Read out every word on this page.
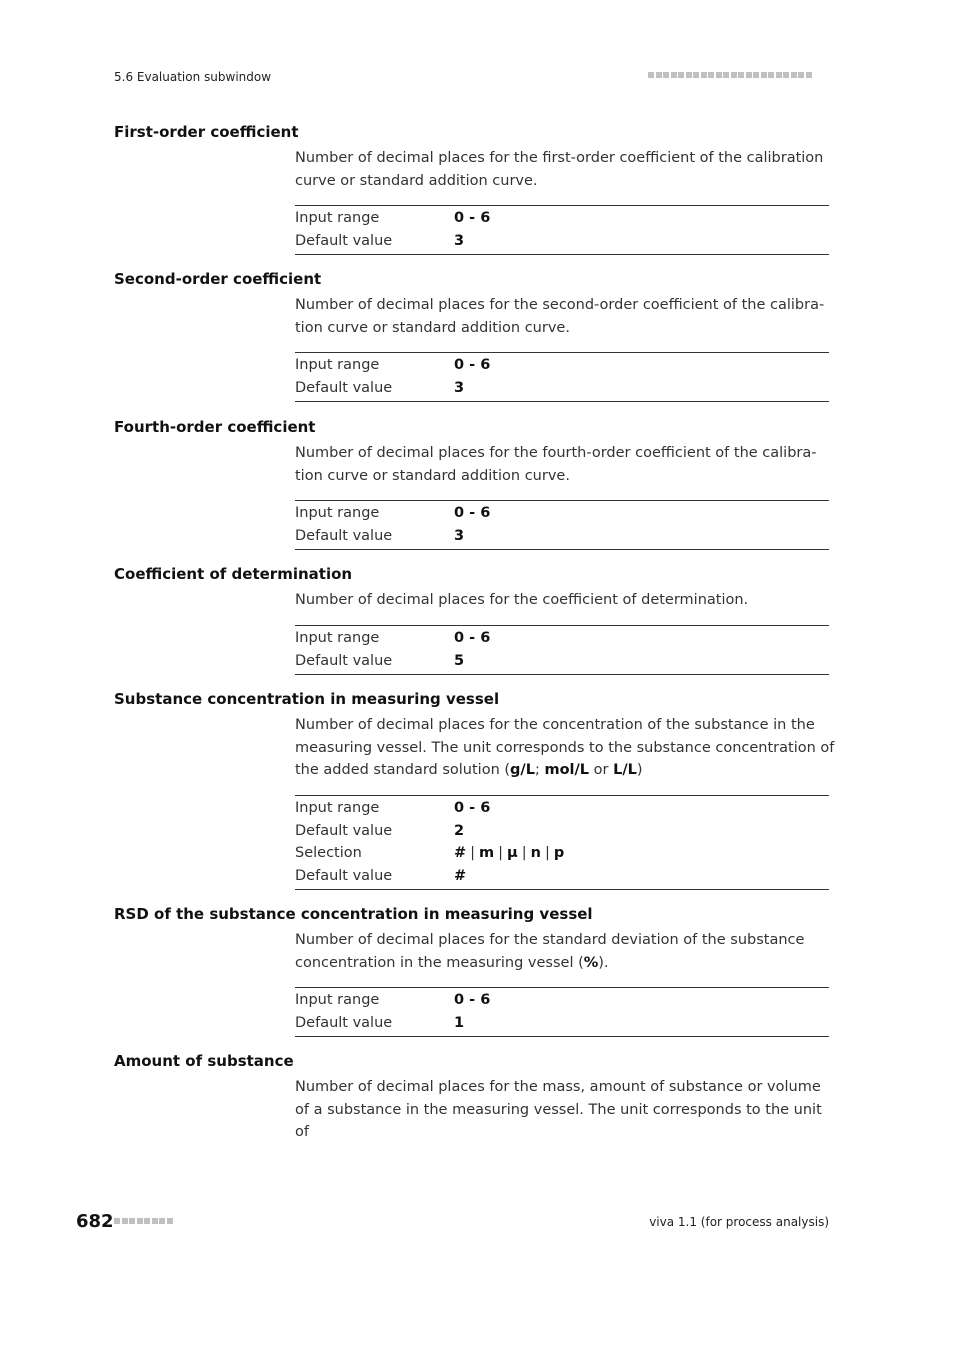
5.6 Evaluation subwindow
First-order coefficient
Number of decimal places for the first-order coefficient of the calibration curve or standard addition curve.
Input range	0 - 6
Default value	3
Second-order coefficient
Number of decimal places for the second-order coefficient of the calibra-tion curve or standard addition curve.
Input range	0 - 6
Default value	3
Fourth-order coefficient
Number of decimal places for the fourth-order coefficient of the calibra-tion curve or standard addition curve.
Input range	0 - 6
Default value	3
Coefficient of determination
Number of decimal places for the coefficient of determination.
Input range	0 - 6
Default value	5
Substance concentration in measuring vessel
Number of decimal places for the concentration of the substance in the measuring vessel. The unit corresponds to the substance concentration of the added standard solution (g/L; mol/L or L/L)
Input range	0 - 6
Default value	2
Selection	# | m | μ | n | p
Default value	#
RSD of the substance concentration in measuring vessel
Number of decimal places for the standard deviation of the substance concentration in the measuring vessel (%).
Input range	0 - 6
Default value	1
Amount of substance
Number of decimal places for the mass, amount of substance or volume of a substance in the measuring vessel. The unit corresponds to the unit of
682	viva 1.1 (for process analysis)
